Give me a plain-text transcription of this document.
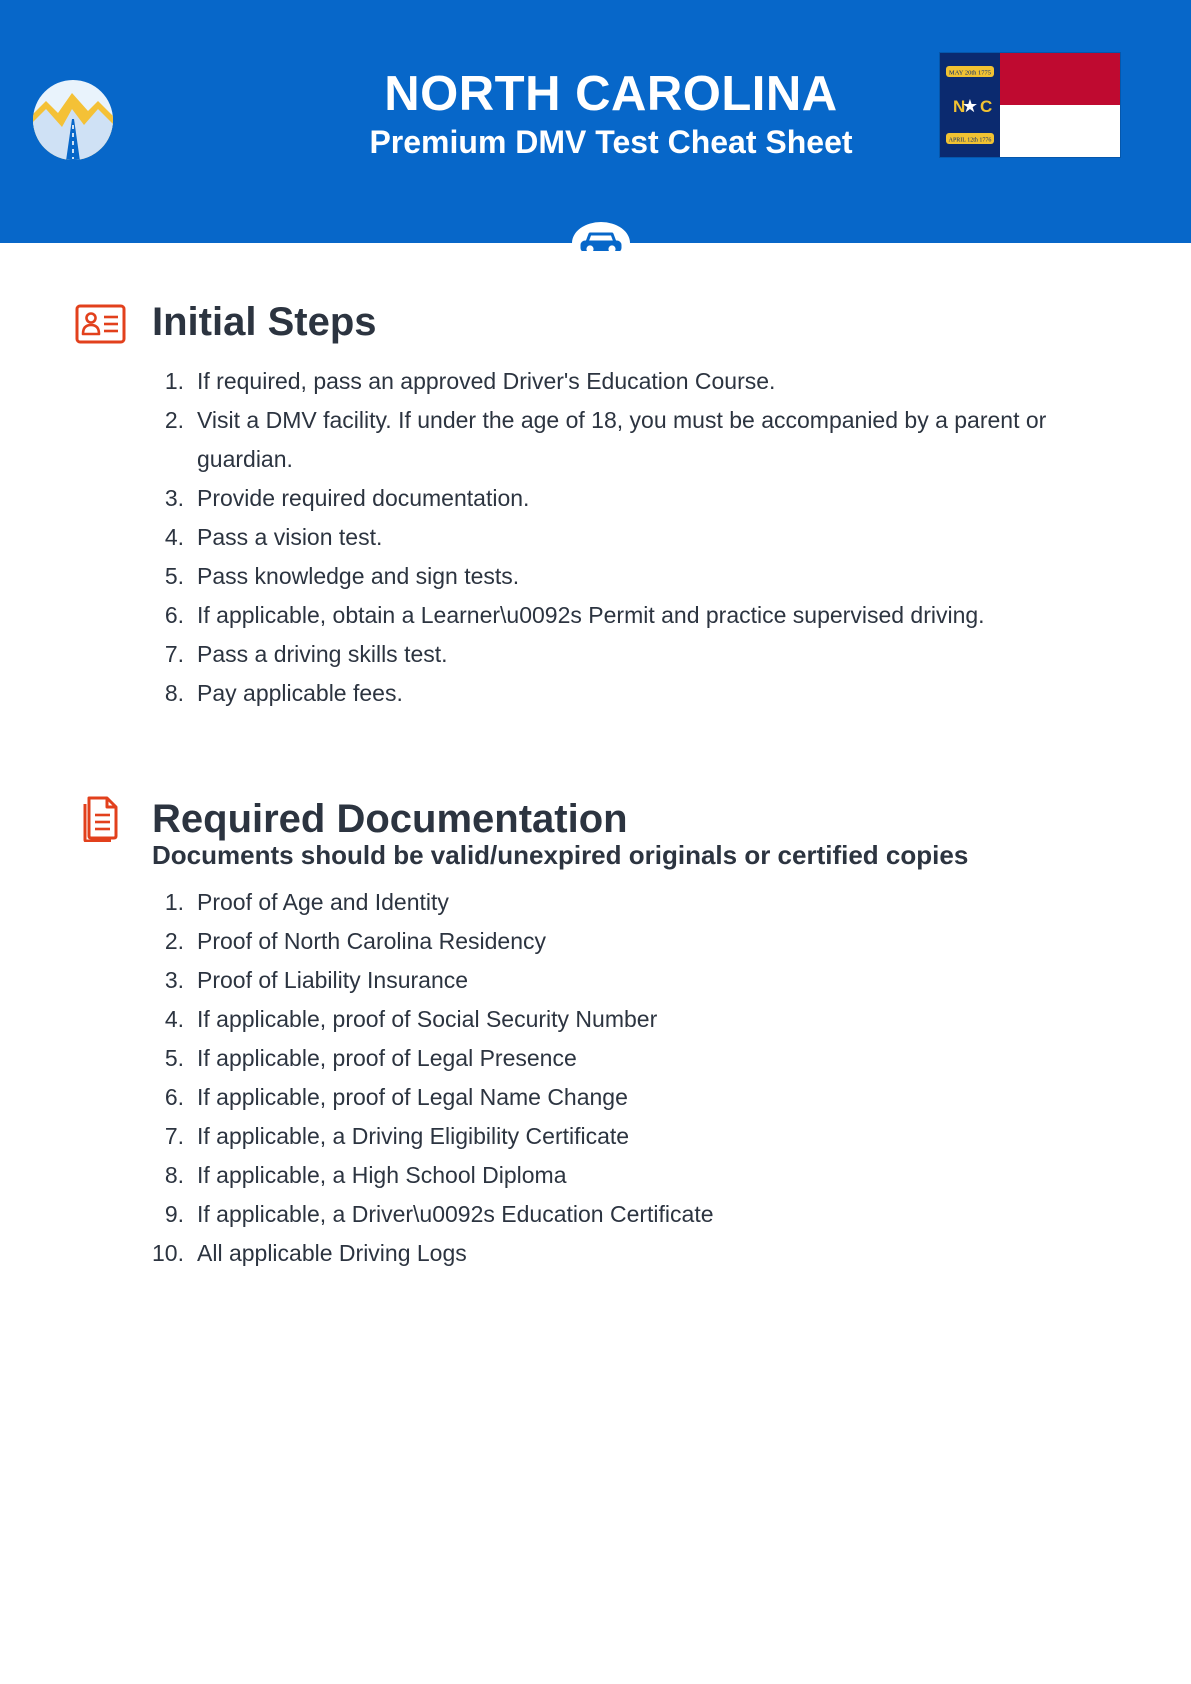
NORTH CAROLINA
Premium DMV Test Cheat Sheet
MAY 20th 1775
N
★ C
APRIL 12th 1776
Initial Steps
1. If required, pass an approved Driver's Education Course.
2. Visit a DMV facility. If under the age of 18, you must be accompanied by a parent or guardian.
3. Provide required documentation.
4. Pass a vision test.
5. Pass knowledge and sign tests.
6. If applicable, obtain a Learner\u0092s Permit and practice supervised driving.
7. Pass a driving skills test.
8. Pay applicable fees.
Required Documentation

Documents should be valid/unexpired originals or certified copies

1. Proof of Age and Identity
2. Proof of North Carolina Residency
3. Proof of Liability Insurance
4. If applicable, proof of Social Security Number
5. If applicable, proof of Legal Presence
6. If applicable, proof of Legal Name Change
7. If applicable, a Driving Eligibility Certificate
8. If applicable, a High School Diploma
9. If applicable, a Driver\u0092s Education Certificate
10. All applicable Driving Logs
